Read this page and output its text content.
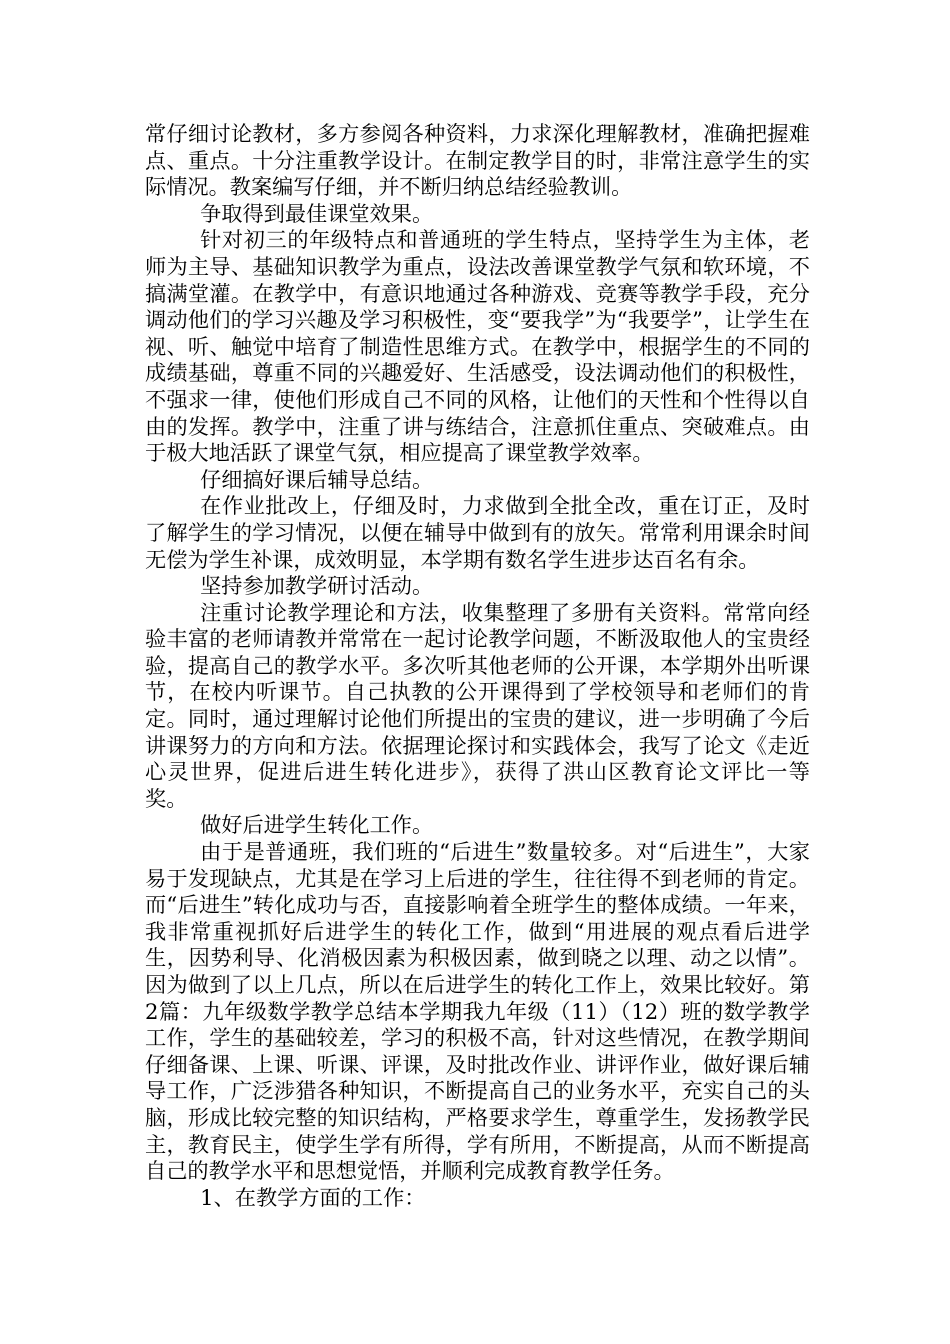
常仔细讨论教材，多方参阅各种资料，力求深化理解教材，准确把握难点、重点。十分注重教学设计。在制定教学目的时，非常注意学生的实际情况。教案编写仔细，并不断归纳总结经验教训。

争取得到最佳课堂效果。

针对初三的年级特点和普通班的学生特点，坚持学生为主体，老师为主导、基础知识教学为重点，设法改善课堂教学气氛和软环境，不搞满堂灌。在教学中，有意识地通过各种游戏、竞赛等教学手段，充分调动他们的学习兴趣及学习积极性，变“要我学”为“我要学”，让学生在视、听、触觉中培育了制造性思维方式。在教学中，根据学生的不同的成绩基础，尊重不同的兴趣爱好、生活感受，设法调动他们的积极性，不强求一律，使他们形成自己不同的风格，让他们的天性和个性得以自由的发挥。教学中，注重了讲与练结合，注意抓住重点、突破难点。由于极大地活跃了课堂气氛，相应提高了课堂教学效率。

仔细搞好课后辅导总结。

在作业批改上，仔细及时，力求做到全批全改，重在订正，及时了解学生的学习情况，以便在辅导中做到有的放矢。常常利用课余时间无偿为学生补课，成效明显，本学期有数名学生进步达百名有余。

坚持参加教学研讨活动。

注重讨论教学理论和方法，收集整理了多册有关资料。常常向经验丰富的老师请教并常常在一起讨论教学问题，不断汲取他人的宝贵经验，提高自己的教学水平。多次听其他老师的公开课，本学期外出听课节，在校内听课节。自己执教的公开课得到了学校领导和老师们的肯定。同时，通过理解讨论他们所提出的宝贵的建议，进一步明确了今后讲课努力的方向和方法。依据理论探讨和实践体会，我写了论文《走近心灵世界，促进后进生转化进步》，获得了洪山区教育论文评比一等奖。

做好后进学生转化工作。

由于是普通班，我们班的“后进生”数量较多。对“后进生”，大家易于发现缺点，尤其是在学习上后进的学生，往往得不到老师的肯定。而“后进生”转化成功与否，直接影响着全班学生的整体成绩。一年来，我非常重视抓好后进学生的转化工作，做到“用进展的观点看后进学生，因势利导、化消极因素为积极因素，做到晓之以理、动之以情”。因为做到了以上几点，所以在后进学生的转化工作上，效果比较好。第2篇：九年级数学教学总结本学期我九年级（11）（12）班的数学教学工作，学生的基础较差，学习的积极不高，针对这些情况，在教学期间仔细备课、上课、听课、评课，及时批改作业、讲评作业，做好课后辅导工作，广泛涉猎各种知识，不断提高自己的业务水平，充实自己的头脑，形成比较完整的知识结构，严格要求学生，尊重学生，发扬教学民主，教育民主，使学生学有所得，学有所用，不断提高，从而不断提高自己的教学水平和思想觉悟，并顺利完成教育教学任务。

1、在教学方面的工作：
